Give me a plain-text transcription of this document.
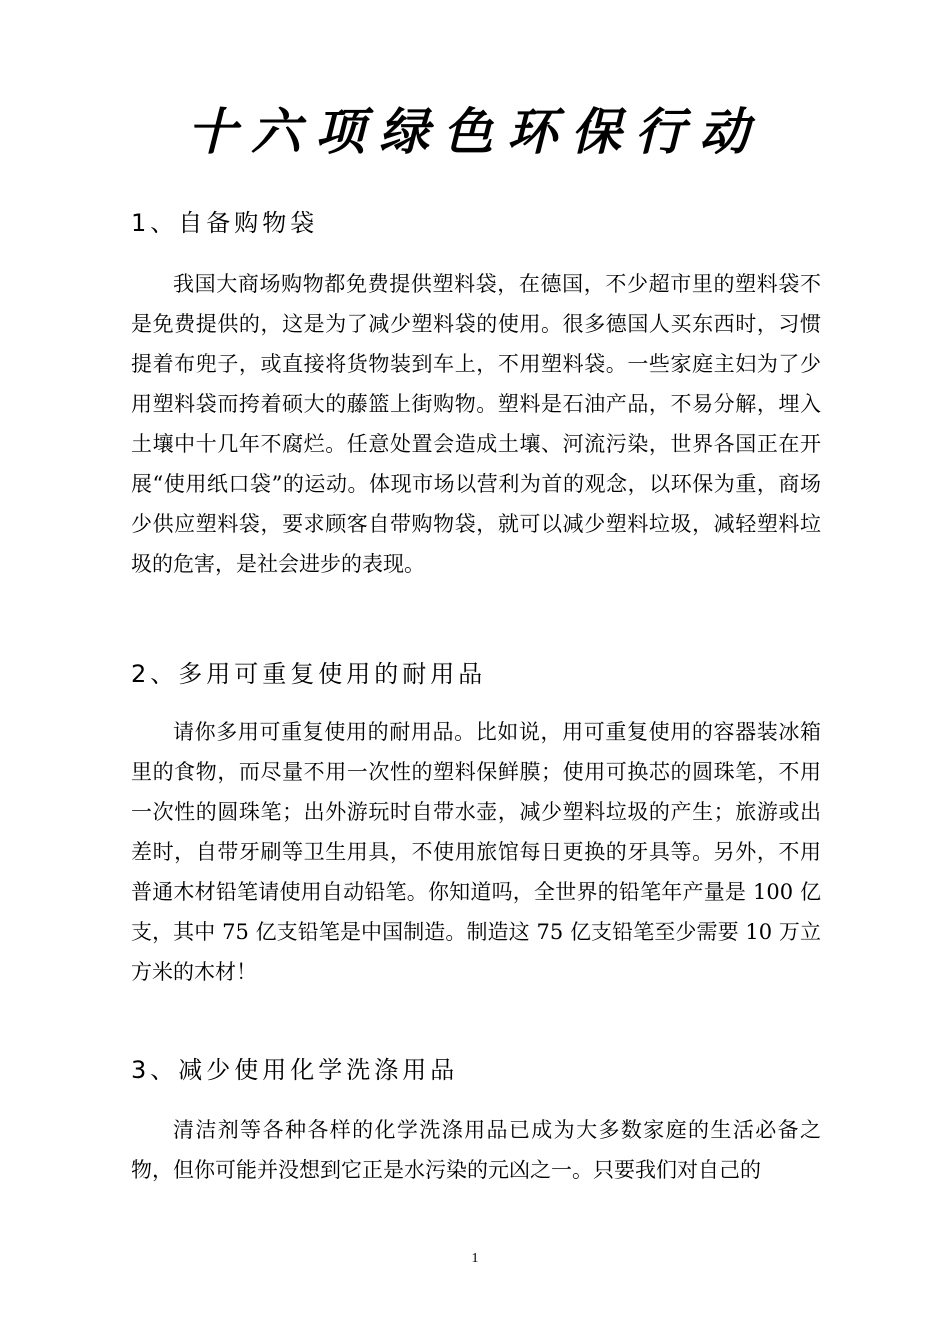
十六项绿色环保行动
1、自备购物袋
我国大商场购物都免费提供塑料袋，在德国，不少超市里的塑料袋不是免费提供的，这是为了减少塑料袋的使用。很多德国人买东西时，习惯提着布兜子，或直接将货物装到车上，不用塑料袋。一些家庭主妇为了少用塑料袋而挎着硕大的藤篮上街购物。塑料是石油产品，不易分解，埋入土壤中十几年不腐烂。任意处置会造成土壤、河流污染，世界各国正在开展“使用纸口袋”的运动。体现市场以营利为首的观念，以环保为重，商场少供应塑料袋，要求顾客自带购物袋，就可以减少塑料垃圾，减轻塑料垃圾的危害，是社会进步的表现。
2、多用可重复使用的耐用品
请你多用可重复使用的耐用品。比如说，用可重复使用的容器装冰箱里的食物，而尽量不用一次性的塑料保鲜膜；使用可换芯的圆珠笔，不用一次性的圆珠笔；出外游玩时自带水壶，减少塑料垃圾的产生；旅游或出差时，自带牙刷等卫生用具，不使用旅馆每日更换的牙具等。另外，不用普通木材铅笔请使用自动铅笔。你知道吗，全世界的铅笔年产量是 100 亿支，其中 75 亿支铅笔是中国制造。制造这 75 亿支铅笔至少需要 10 万立方米的木材！
3、减少使用化学洗涤用品
清洁剂等各种各样的化学洗涤用品已成为大多数家庭的生活必备之物，但你可能并没想到它正是水污染的元凶之一。只要我们对自己的
1
